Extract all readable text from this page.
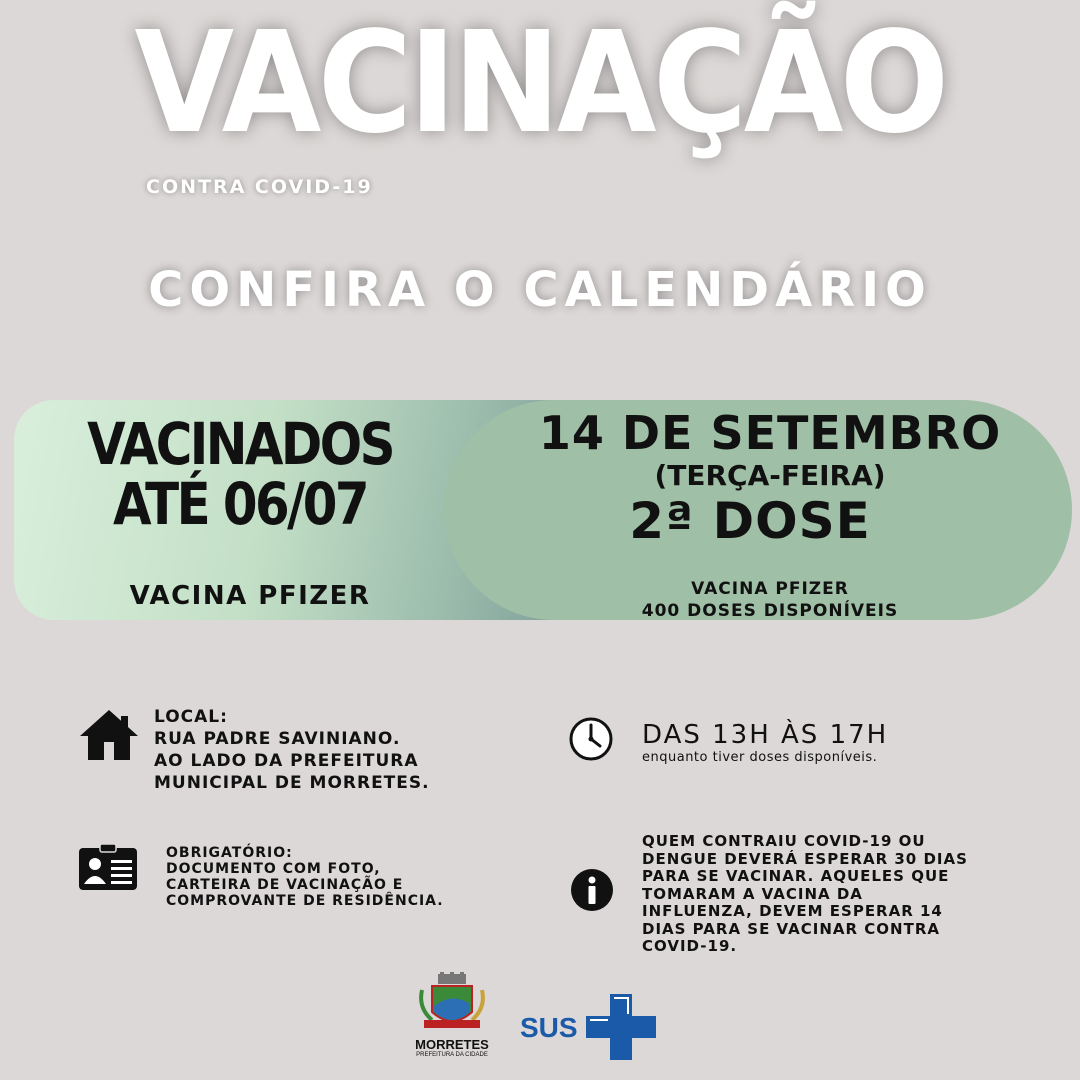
VACINAÇÃO
CONTRA COVID-19
CONFIRA O CALENDÁRIO
VACINADOS
ATÉ 06/07
VACINA PFIZER
14 DE SETEMBRO
(TERÇA-FEIRA)
2ª DOSE
VACINA PFIZER
400 DOSES DISPONÍVEIS
LOCAL:
RUA PADRE SAVINIANO.
AO LADO DA PREFEITURA
MUNICIPAL DE MORRETES.
DAS 13H ÀS 17H
enquanto tiver doses disponíveis.
OBRIGATÓRIO:
DOCUMENTO COM FOTO,
CARTEIRA DE VACINAÇÃO E
COMPROVANTE DE RESIDÊNCIA.
QUEM CONTRAIU COVID-19 OU
DENGUE DEVERÁ ESPERAR 30 DIAS
PARA SE VACINAR. AQUELES QUE
TOMARAM A VACINA DA
INFLUENZA, DEVEM ESPERAR 14
DIAS PARA SE VACINAR CONTRA
COVID-19.
MORRETES
PREFEITURA DA CIDADE
SUS
